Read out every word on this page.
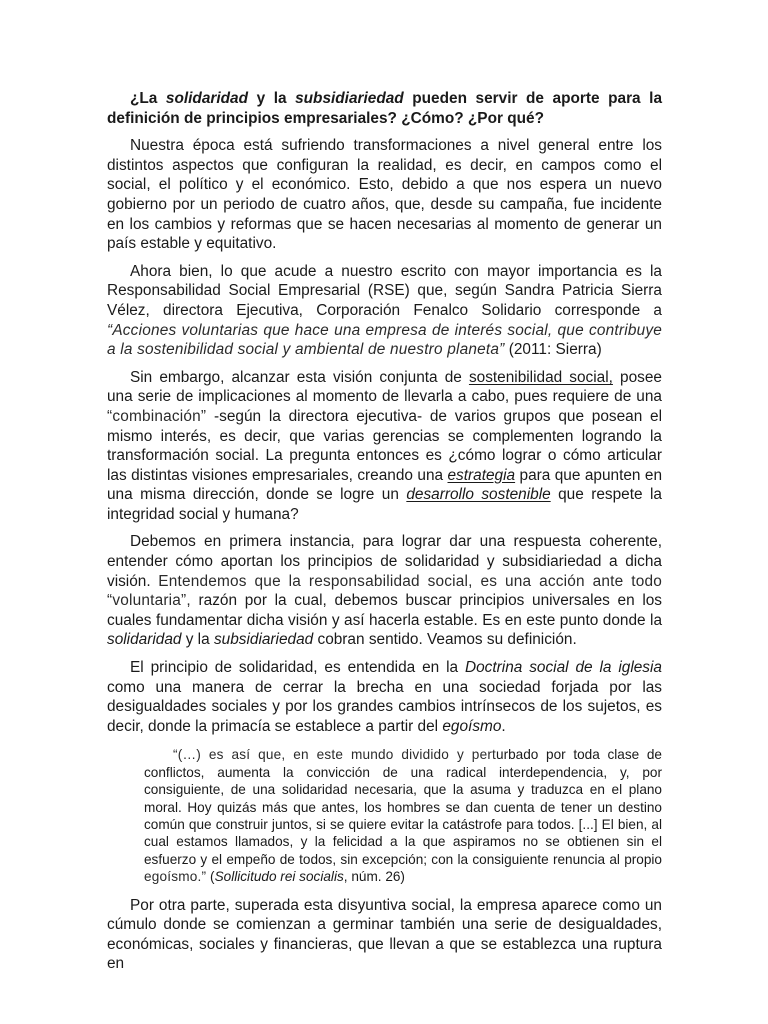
¿La solidaridad y la subsidiariedad pueden servir de aporte para la definición de principios empresariales? ¿Cómo? ¿Por qué?

Nuestra época está sufriendo transformaciones a nivel general entre los distintos aspectos que configuran la realidad, es decir, en campos como el social, el político y el económico. Esto, debido a que nos espera un nuevo gobierno por un periodo de cuatro años, que, desde su campaña, fue incidente en los cambios y reformas que se hacen necesarias al momento de generar un país estable y equitativo.

Ahora bien, lo que acude a nuestro escrito con mayor importancia es la Responsabilidad Social Empresarial (RSE) que, según Sandra Patricia Sierra Vélez, directora Ejecutiva, Corporación Fenalco Solidario corresponde a “Acciones voluntarias que hace una empresa de interés social, que contribuye a la sostenibilidad social y ambiental de nuestro planeta” (2011: Sierra)

Sin embargo, alcanzar esta visión conjunta de sostenibilidad social, posee una serie de implicaciones al momento de llevarla a cabo, pues requiere de una “combinación” -según la directora ejecutiva- de varios grupos que posean el mismo interés, es decir, que varias gerencias se complementen logrando la transformación social. La pregunta entonces es ¿cómo lograr o cómo articular las distintas visiones empresariales, creando una estrategia para que apunten en una misma dirección, donde se logre un desarrollo sostenible que respete la integridad social y humana?

Debemos en primera instancia, para lograr dar una respuesta coherente, entender cómo aportan los principios de solidaridad y subsidiariedad a dicha visión. Entendemos que la responsabilidad social, es una acción ante todo “voluntaria”, razón por la cual, debemos buscar principios universales en los cuales fundamentar dicha visión y así hacerla estable. Es en este punto donde la solidaridad y la subsidiariedad cobran sentido. Veamos su definición.

El principio de solidaridad, es entendida en la Doctrina social de la iglesia como una manera de cerrar la brecha en una sociedad forjada por las desigualdades sociales y por los grandes cambios intrínsecos de los sujetos, es decir, donde la primacía se establece a partir del egoísmo.

“(…) es así que, en este mundo dividido y perturbado por toda clase de conflictos, aumenta la convicción de una radical interdependencia, y, por consiguiente, de una solidaridad necesaria, que la asuma y traduzca en el plano moral. Hoy quizás más que antes, los hombres se dan cuenta de tener un destino común que construir juntos, si se quiere evitar la catástrofe para todos. [...] El bien, al cual estamos llamados, y la felicidad a la que aspiramos no se obtienen sin el esfuerzo y el empeño de todos, sin excepción; con la consiguiente renuncia al propio egoísmo.” (Sollicitudo rei socialis, núm. 26)

Por otra parte, superada esta disyuntiva social, la empresa aparece como un cúmulo donde se comienzan a germinar también una serie de desigualdades, económicas, sociales y financieras, que llevan a que se establezca una ruptura en
